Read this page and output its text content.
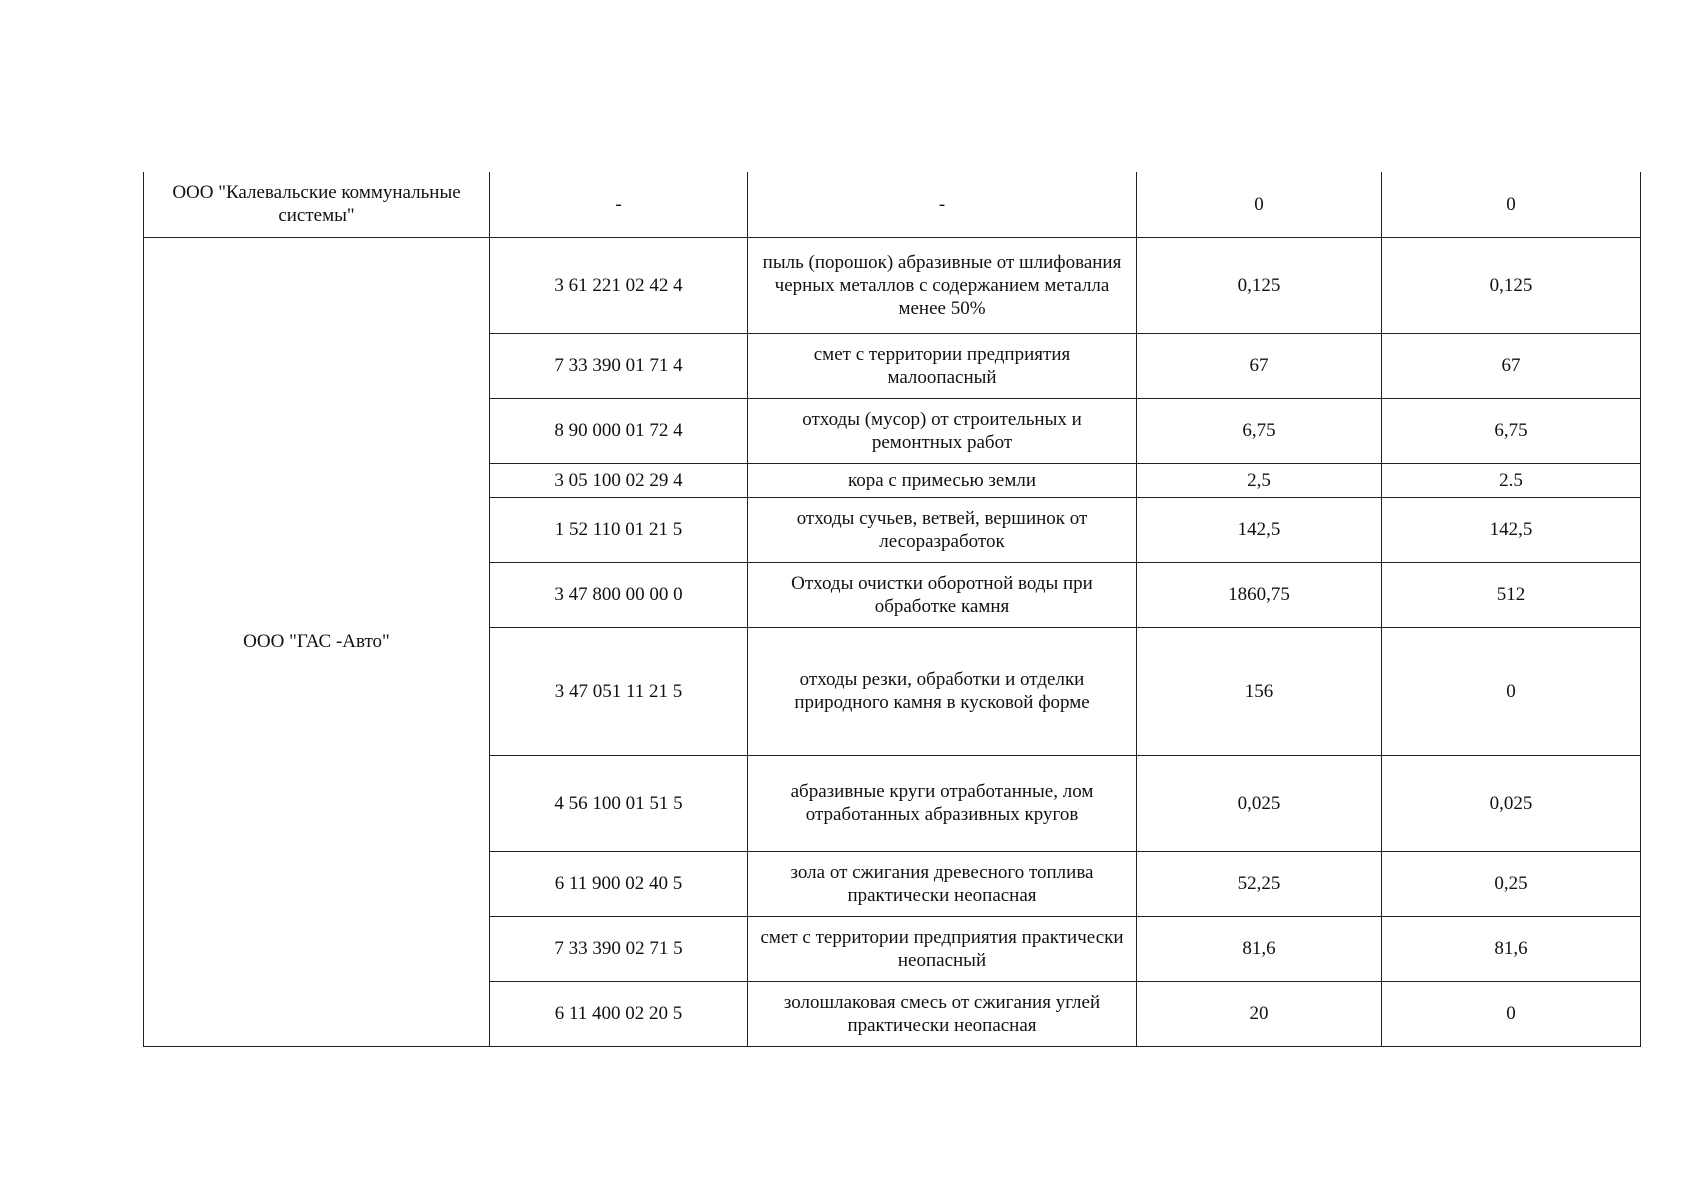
ООО "Калевальские коммунальные системы"	-	-	0	0
ООО "ГАС -Авто"	3 61 221 02 42 4	пыль (порошок) абразивные от шлифования черных металлов с содержанием металла менее 50%	0,125	0,125
	7 33 390 01 71 4	смет с территории предприятия малоопасный	67	67
	8 90 000 01 72 4	отходы (мусор) от строительных и ремонтных работ	6,75	6,75
	3 05 100 02 29 4	кора с примесью земли	2,5	2.5
	1 52 110 01 21 5	отходы сучьев, ветвей, вершинок от лесоразработок	142,5	142,5
	3 47 800 00 00 0	Отходы очистки оборотной воды при обработке камня	1860,75	512
	3 47 051 11 21 5	отходы резки, обработки и отделки природного камня в кусковой форме	156	0
	4 56 100 01 51 5	абразивные круги отработанные, лом отработанных абразивных кругов	0,025	0,025
	6 11 900 02 40 5	зола от сжигания древесного топлива практически неопасная	52,25	0,25
	7 33 390 02 71 5	смет с территории предприятия практически неопасный	81,6	81,6
	6 11 400 02 20 5	золошлаковая смесь от сжигания углей практически неопасная	20	0
